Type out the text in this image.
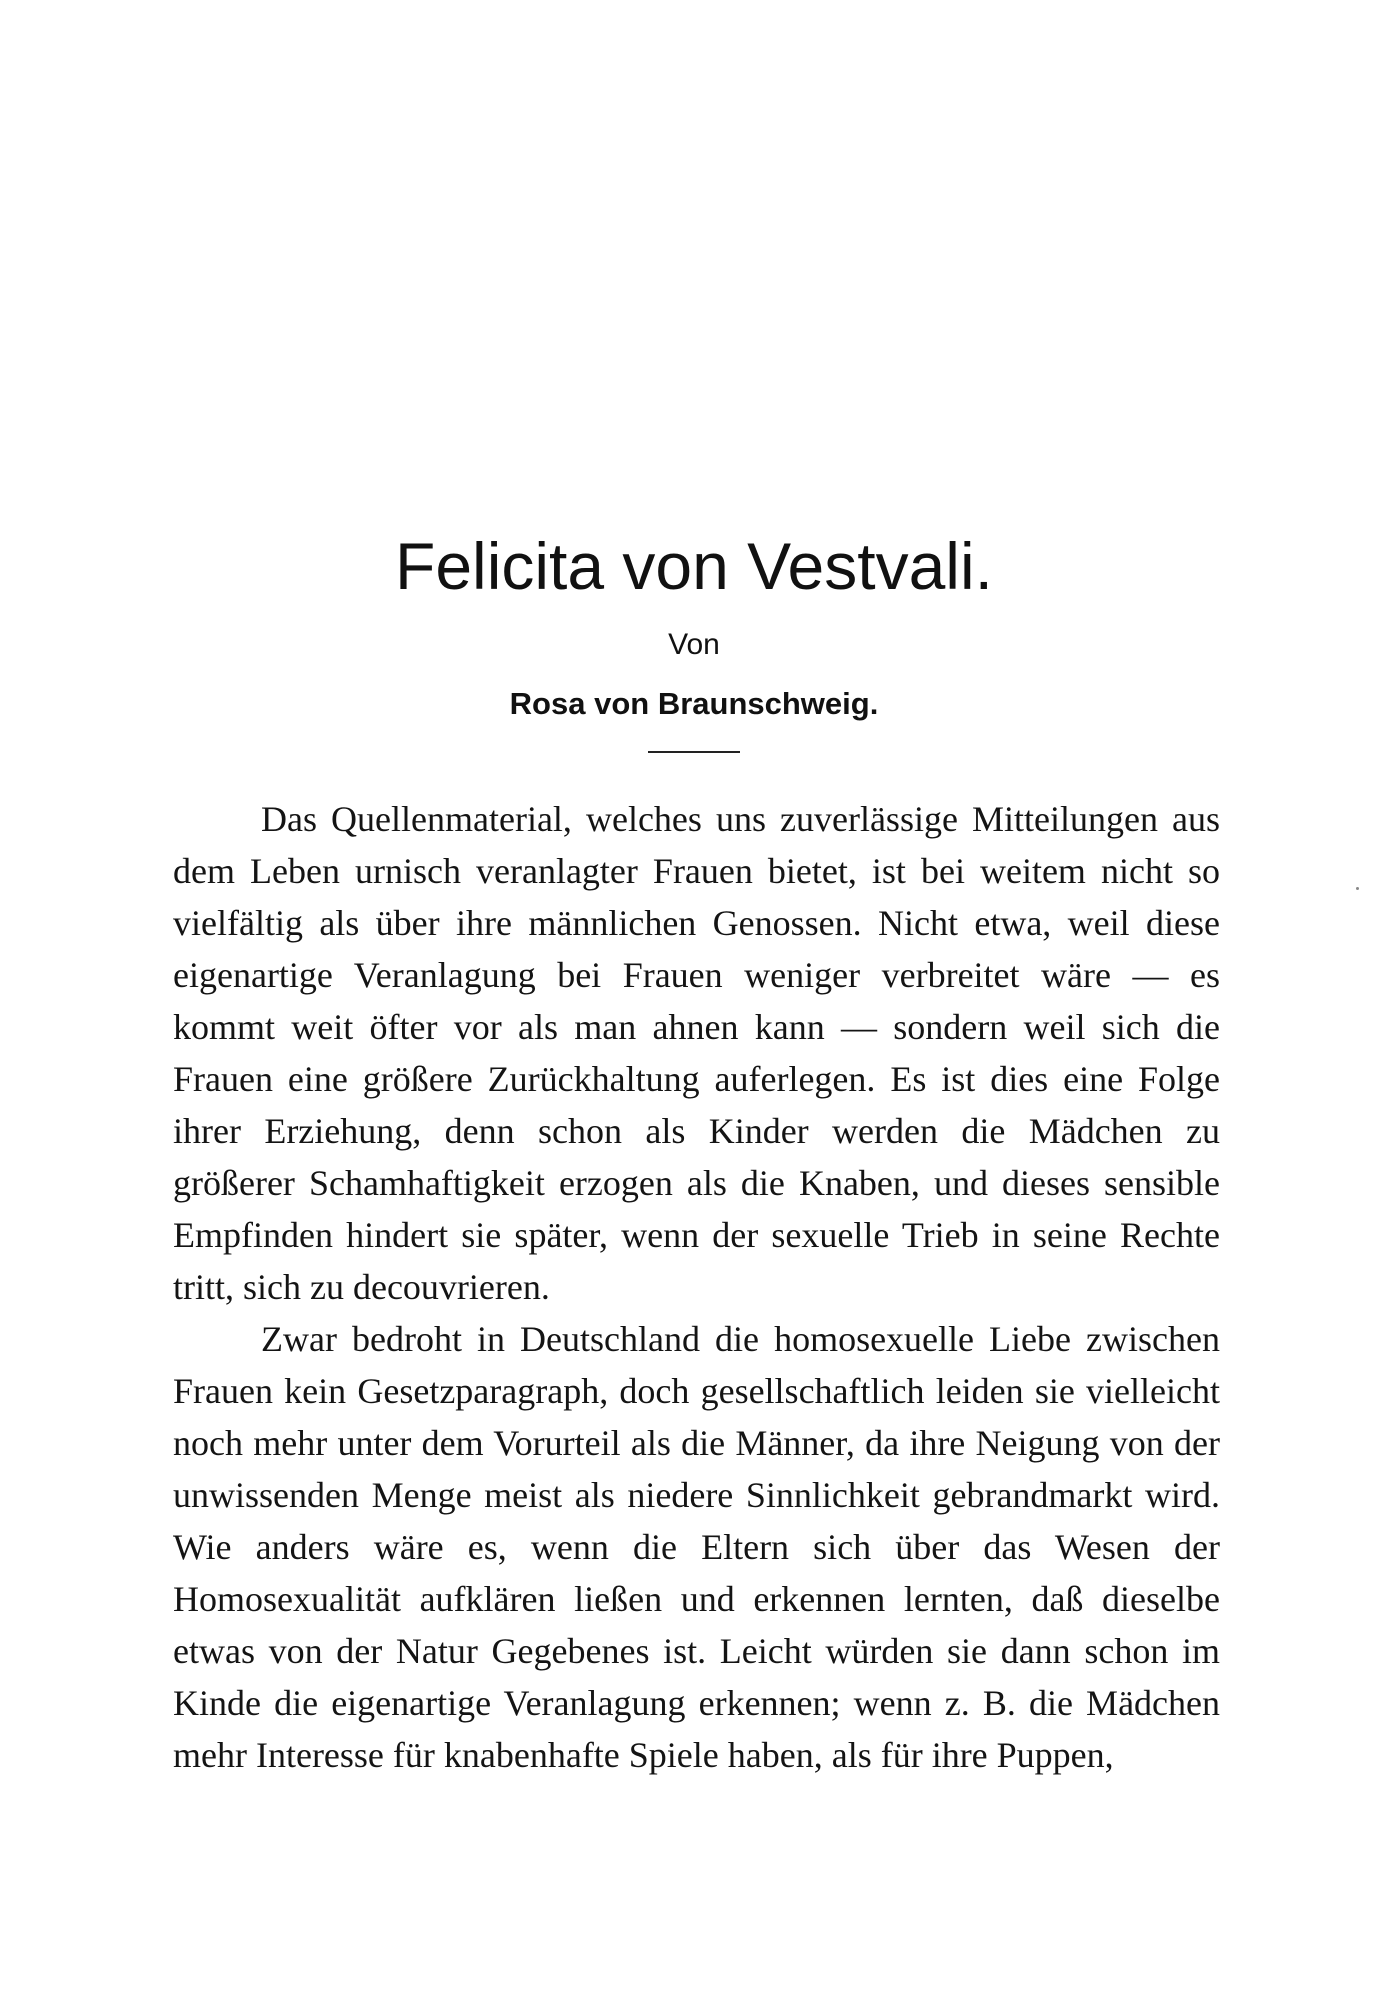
Felicita von Vestvali.
Von
Rosa von Braunschweig.

Das Quellenmaterial, welches uns zuverlässige Mitteilungen aus dem Leben urnisch veranlagter Frauen bietet, ist bei weitem nicht so vielfältig als über ihre männlichen Genossen. Nicht etwa, weil diese eigenartige Veranlagung bei Frauen weniger verbreitet wäre — es kommt weit öfter vor als man ahnen kann — sondern weil sich die Frauen eine größere Zurückhaltung auferlegen. Es ist dies eine Folge ihrer Erziehung, denn schon als Kinder werden die Mädchen zu größerer Schamhaftigkeit erzogen als die Knaben, und dieses sensible Empfinden hindert sie später, wenn der sexuelle Trieb in seine Rechte tritt, sich zu decouvrieren.

Zwar bedroht in Deutschland die homosexuelle Liebe zwischen Frauen kein Gesetzparagraph, doch gesellschaftlich leiden sie vielleicht noch mehr unter dem Vorurteil als die Männer, da ihre Neigung von der unwissenden Menge meist als niedere Sinnlichkeit gebrandmarkt wird. Wie anders wäre es, wenn die Eltern sich über das Wesen der Homosexualität aufklären ließen und erkennen lernten, daß dieselbe etwas von der Natur Gegebenes ist. Leicht würden sie dann schon im Kinde die eigenartige Veranlagung erkennen; wenn z. B. die Mädchen mehr Interesse für knabenhafte Spiele haben, als für ihre Puppen,
